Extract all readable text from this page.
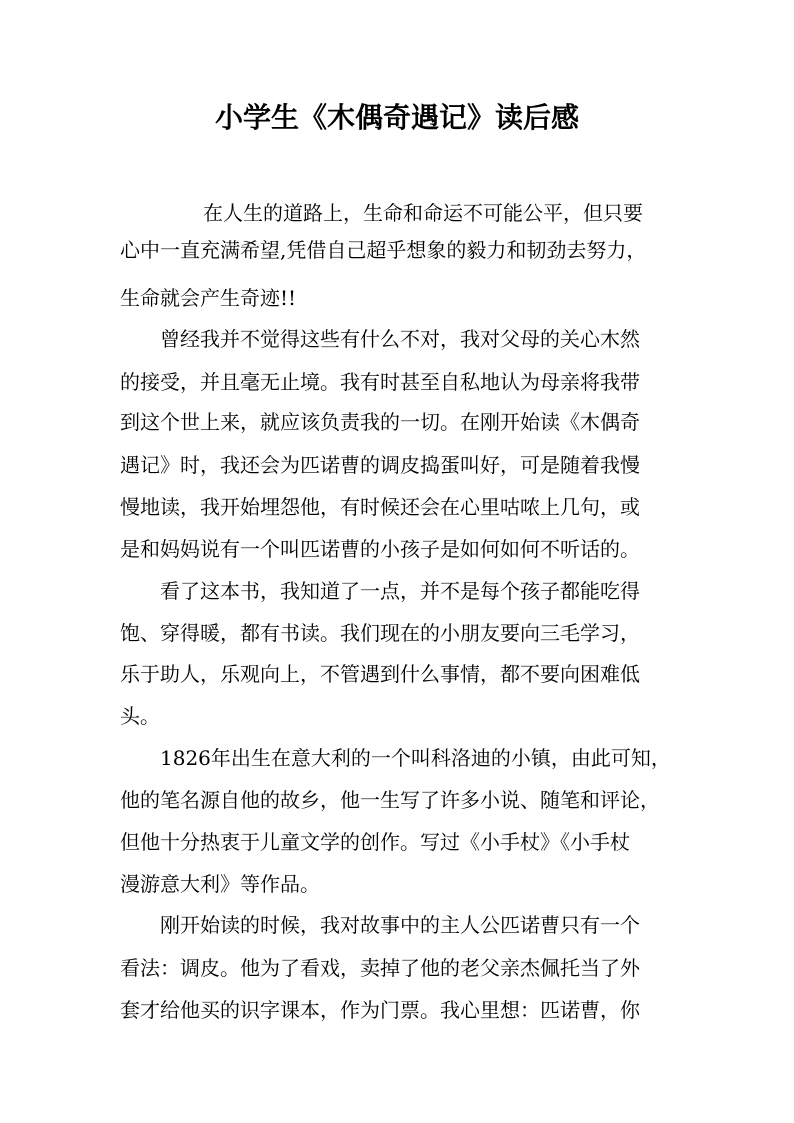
小学生《木偶奇遇记》读后感
在人生的道路上，生命和命运不可能公平，但只要
心中一直充满希望,凭借自己超乎想象的毅力和韧劲去努力，
生命就会产生奇迹!!
曾经我并不觉得这些有什么不对，我对父母的关心木然
的接受，并且毫无止境。我有时甚至自私地认为母亲将我带
到这个世上来，就应该负责我的一切。在刚开始读《木偶奇
遇记》时，我还会为匹诺曹的调皮捣蛋叫好，可是随着我慢
慢地读，我开始埋怨他，有时候还会在心里咕哝上几句，或
是和妈妈说有一个叫匹诺曹的小孩子是如何如何不听话的。
看了这本书，我知道了一点，并不是每个孩子都能吃得
饱、穿得暖，都有书读。我们现在的小朋友要向三毛学习，
乐于助人，乐观向上，不管遇到什么事情，都不要向困难低
头。
1826年出生在意大利的一个叫科洛迪的小镇，由此可知，
他的笔名源自他的故乡，他一生写了许多小说、随笔和评论，
但他十分热衷于儿童文学的创作。写过《小手杖》《小手杖
漫游意大利》等作品。
刚开始读的时候，我对故事中的主人公匹诺曹只有一个
看法：调皮。他为了看戏，卖掉了他的老父亲杰佩托当了外
套才给他买的识字课本，作为门票。我心里想：匹诺曹，你
